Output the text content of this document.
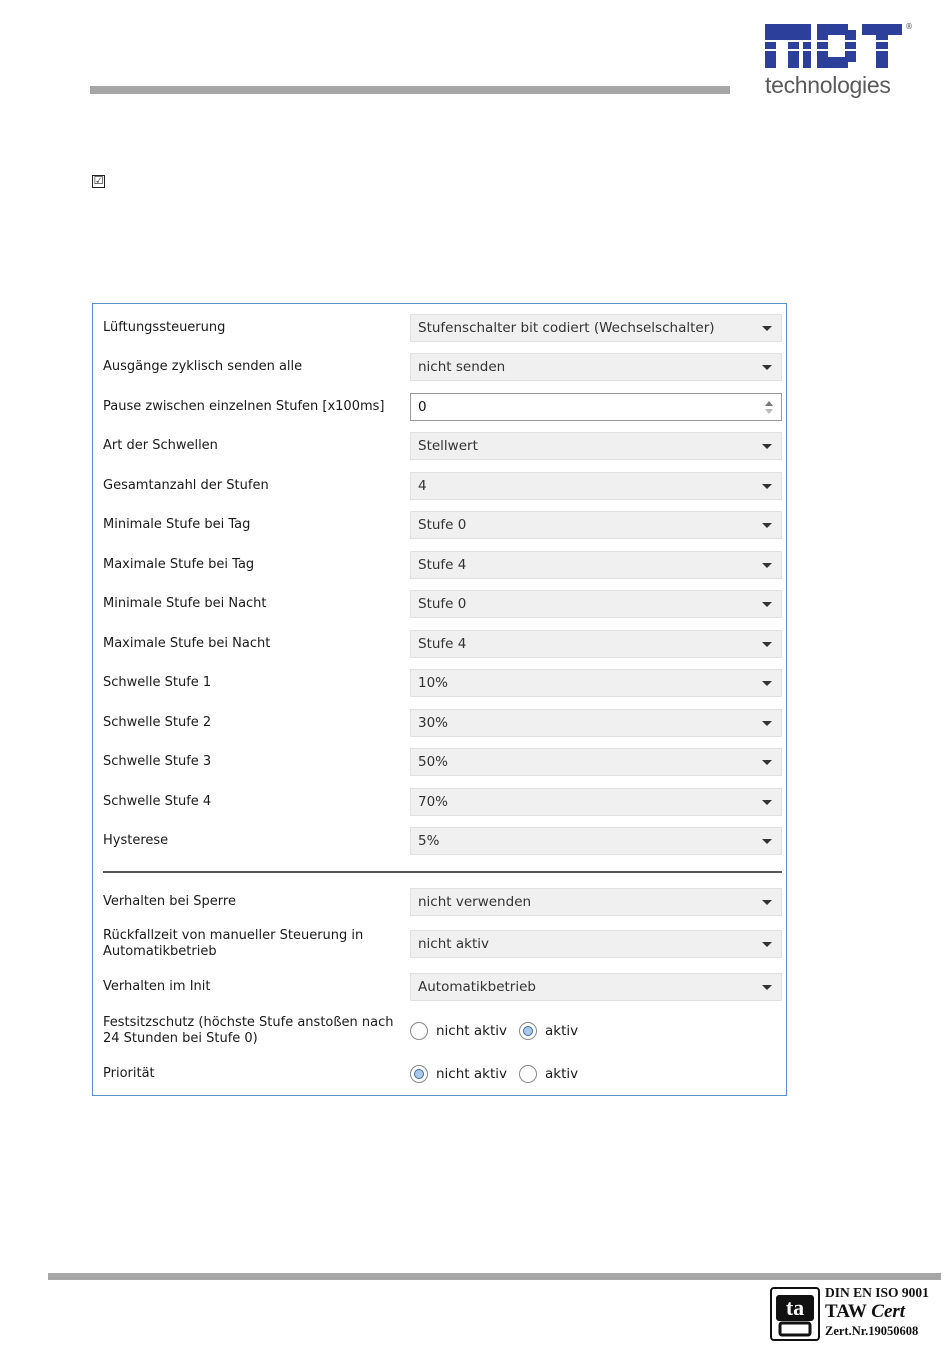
®
technologies
☑
Lüftungssteuerung	Stufenschalter bit codiert (Wechselschalter)
Ausgänge zyklisch senden alle	nicht senden
Pause zwischen einzelnen Stufen [x100ms]	0
Art der Schwellen	Stellwert
Gesamtanzahl der Stufen	4
Minimale Stufe bei Tag	Stufe 0
Maximale Stufe bei Tag	Stufe 4
Minimale Stufe bei Nacht	Stufe 0
Maximale Stufe bei Nacht	Stufe 4
Schwelle Stufe 1	10%
Schwelle Stufe 2	30%
Schwelle Stufe 3	50%
Schwelle Stufe 4	70%
Hysterese	5%
Verhalten bei Sperre	nicht verwenden
Rückfallzeit von manueller Steuerung in Automatikbetrieb	nicht aktiv
Verhalten im Init	Automatikbetrieb
Festsitzschutz (höchste Stufe anstoßen nach 24 Stunden bei Stufe 0)	nicht aktiv	aktiv
Priorität	nicht aktiv	aktiv
ta
DIN EN ISO 9001
TAW Cert
Zert.Nr.19050608
